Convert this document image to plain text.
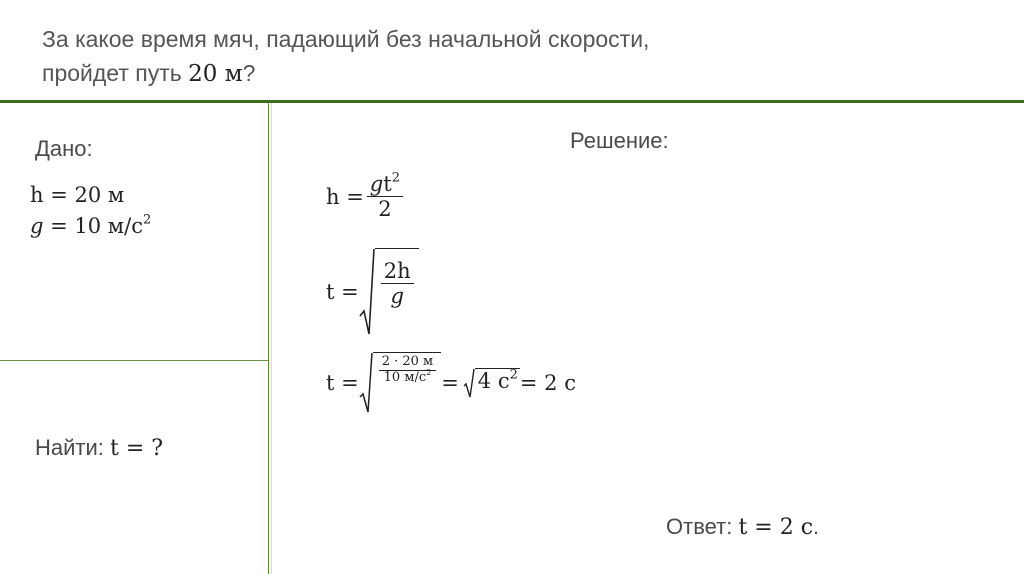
За какое время мяч, падающий без начальной скорости,
пройдет путь 20 м?
Дано:
h = 20 м
g = 10 $м/с^2$
Найти: t = ?
Решение:
$h = \frac{gt^2}{2}$
$t = \frac{2h}{g}$
$t = \frac{2 \cdot 20 м}{10 м/с^2} = 4$ $с^2 = 2$ с
Ответ: t = 2 с.
